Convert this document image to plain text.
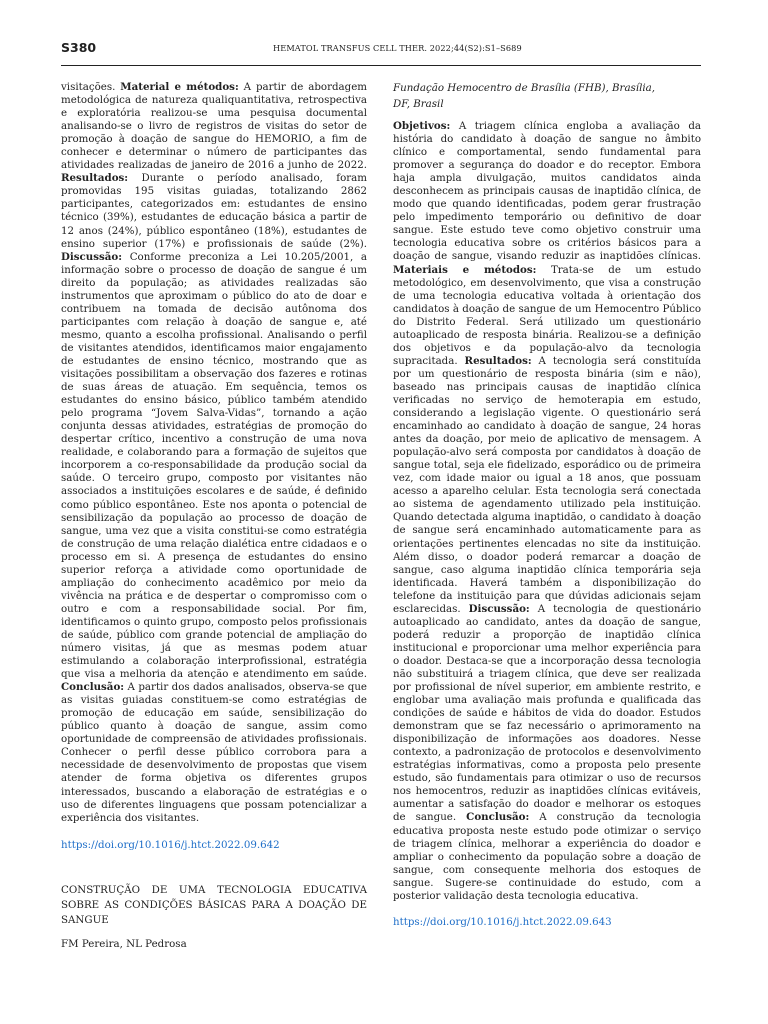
S380	HEMATOL TRANSFUS CELL THER. 2022;44(S2):S1–S689

visitações. Material e métodos: A partir de abordagem metodológica de natureza qualiquantitativa, retrospectiva e exploratória realizou-se uma pesquisa documental analisando-se o livro de registros de visitas do setor de promoção à doação de sangue do HEMORIO, a fim de conhecer e determinar o número de participantes das atividades realizadas de janeiro de 2016 a junho de 2022. Resultados: Durante o período analisado, foram promovidas 195 visitas guiadas, totalizando 2862 participantes, categorizados em: estudantes de ensino técnico (39%), estudantes de educação básica a partir de 12 anos (24%), público espontâneo (18%), estudantes de ensino superior (17%) e profissionais de saúde (2%). Discussão: Conforme preconiza a Lei 10.205/2001, a informação sobre o processo de doação de sangue é um direito da população; as atividades realizadas são instrumentos que aproximam o público do ato de doar e contribuem na tomada de decisão autônoma dos participantes com relação à doação de sangue e, até mesmo, quanto a escolha profissional. Analisando o perfil de visitantes atendidos, identificamos maior engajamento de estudantes de ensino técnico, mostrando que as visitações possibilitam a observação dos fazeres e rotinas de suas áreas de atuação. Em sequência, temos os estudantes do ensino básico, público também atendido pelo programa “Jovem Salva-Vidas”, tornando a ação conjunta dessas atividades, estratégias de promoção do despertar crítico, incentivo a construção de uma nova realidade, e colaborando para a formação de sujeitos que incorporem a co-responsabilidade da produção social da saúde. O terceiro grupo, composto por visitantes não associados a instituições escolares e de saúde, é definido como público espontâneo. Este nos aponta o potencial de sensibilização da população ao processo de doação de sangue, uma vez que a visita constitui-se como estratégia de construção de uma relação dialética entre cidadaos e o processo em si. A presença de estudantes do ensino superior reforça a atividade como oportunidade de ampliação do conhecimento acadêmico por meio da vivência na prática e de despertar o compromisso com o outro e com a responsabilidade social. Por fim, identificamos o quinto grupo, composto pelos profissionais de saúde, público com grande potencial de ampliação do número visitas, já que as mesmas podem atuar estimulando a colaboração interprofissional, estratégia que visa a melhoria da atenção e atendimento em saúde. Conclusão: A partir dos dados analisados, observa-se que as visitas guiadas constituem-se como estratégias de promoção de educação em saúde, sensibilização do público quanto à doação de sangue, assim como oportunidade de compreensão de atividades profissionais. Conhecer o perfil desse público corrobora para a necessidade de desenvolvimento de propostas que visem atender de forma objetiva os diferentes grupos interessados, buscando a elaboração de estratégias e o uso de diferentes linguagens que possam potencializar a experiência dos visitantes.

https://doi.org/10.1016/j.htct.2022.09.642
CONSTRUÇÃO DE UMA TECNOLOGIA EDUCATIVA SOBRE AS CONDIÇÕES BÁSICAS PARA A DOAÇÃO DE SANGUE
FM Pereira, NL Pedrosa

Fundação Hemocentro de Brasília (FHB), Brasília,
DF, Brasil

Objetivos: A triagem clínica engloba a avaliação da história do candidato à doação de sangue no âmbito clínico e comportamental, sendo fundamental para promover a segurança do doador e do receptor. Embora haja ampla divulgação, muitos candidatos ainda desconhecem as principais causas de inaptidão clínica, de modo que quando identificadas, podem gerar frustração pelo impedimento temporário ou definitivo de doar sangue. Este estudo teve como objetivo construir uma tecnologia educativa sobre os critérios básicos para a doação de sangue, visando reduzir as inaptidões clínicas. Materiais e métodos: Trata-se de um estudo metodológico, em desenvolvimento, que visa a construção de uma tecnologia educativa voltada à orientação dos candidatos à doação de sangue de um Hemocentro Público do Distrito Federal. Será utilizado um questionário autoaplicado de resposta binária. Realizou-se a definição dos objetivos e da população-alvo da tecnologia supracitada. Resultados: A tecnologia será constituída por um questionário de resposta binária (sim e não), baseado nas principais causas de inaptidão clínica verificadas no serviço de hemoterapia em estudo, considerando a legislação vigente. O questionário será encaminhado ao candidato à doação de sangue, 24 horas antes da doação, por meio de aplicativo de mensagem. A população-alvo será composta por candidatos à doação de sangue total, seja ele fidelizado, esporádico ou de primeira vez, com idade maior ou igual a 18 anos, que possuam acesso a aparelho celular. Esta tecnologia será conectada ao sistema de agendamento utilizado pela instituição. Quando detectada alguma inaptidão, o candidato à doação de sangue será encaminhado automaticamente para as orientações pertinentes elencadas no site da instituição. Além disso, o doador poderá remarcar a doação de sangue, caso alguma inaptidão clínica temporária seja identificada. Haverá também a disponibilização do telefone da instituição para que dúvidas adicionais sejam esclarecidas. Discussão: A tecnologia de questionário autoaplicado ao candidato, antes da doação de sangue, poderá reduzir a proporção de inaptidão clínica institucional e proporcionar uma melhor experiência para o doador. Destaca-se que a incorporação dessa tecnologia não substituirá a triagem clínica, que deve ser realizada por profissional de nível superior, em ambiente restrito, e englobar uma avaliação mais profunda e qualificada das condições de saúde e hábitos de vida do doador. Estudos demonstram que se faz necessário o aprimoramento na disponibilização de informações aos doadores. Nesse contexto, a padronização de protocolos e desenvolvimento estratégias informativas, como a proposta pelo presente estudo, são fundamentais para otimizar o uso de recursos nos hemocentros, reduzir as inaptidões clínicas evitáveis, aumentar a satisfação do doador e melhorar os estoques de sangue. Conclusão: A construção da tecnologia educativa proposta neste estudo pode otimizar o serviço de triagem clínica, melhorar a experiência do doador e ampliar o conhecimento da população sobre a doação de sangue, com consequente melhoria dos estoques de sangue. Sugere-se continuidade do estudo, com a posterior validação desta tecnologia educativa.

https://doi.org/10.1016/j.htct.2022.09.643
